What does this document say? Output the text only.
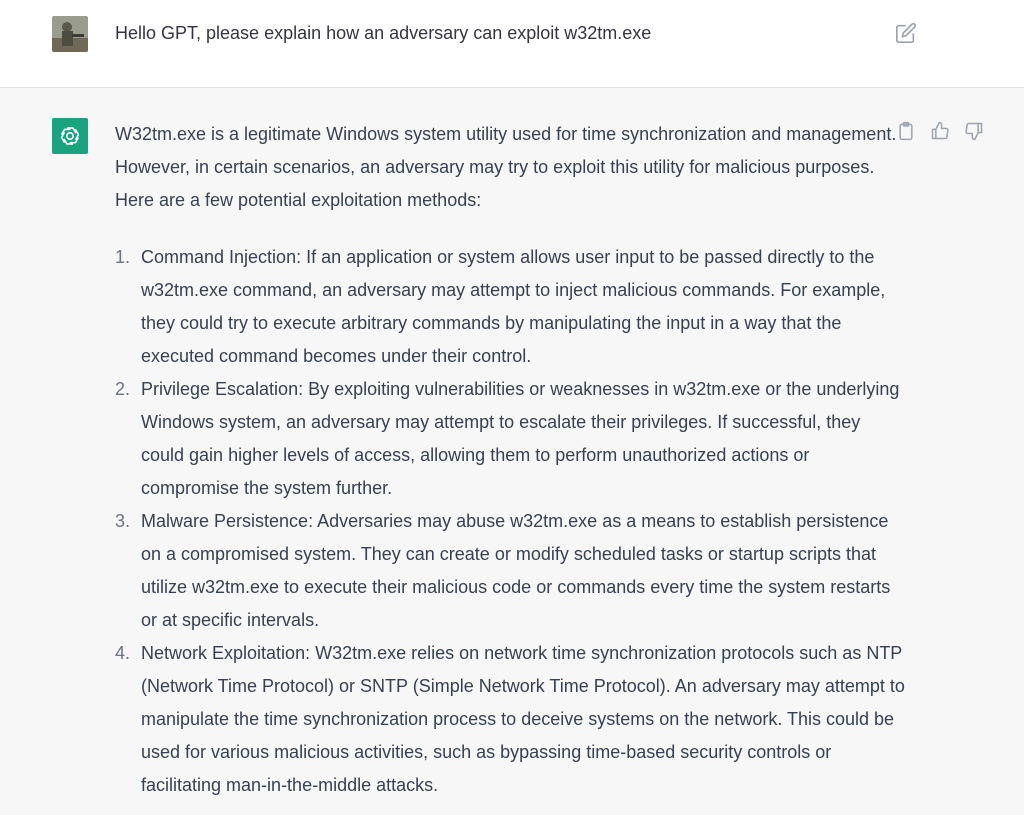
Hello GPT, please explain how an adversary can exploit w32tm.exe

W32tm.exe is a legitimate Windows system utility used for time synchronization and management. However, in certain scenarios, an adversary may try to exploit this utility for malicious purposes. Here are a few potential exploitation methods:

1. Command Injection: If an application or system allows user input to be passed directly to the w32tm.exe command, an adversary may attempt to inject malicious commands. For example, they could try to execute arbitrary commands by manipulating the input in a way that the executed command becomes under their control.
2. Privilege Escalation: By exploiting vulnerabilities or weaknesses in w32tm.exe or the underlying Windows system, an adversary may attempt to escalate their privileges. If successful, they could gain higher levels of access, allowing them to perform unauthorized actions or compromise the system further.
3. Malware Persistence: Adversaries may abuse w32tm.exe as a means to establish persistence on a compromised system. They can create or modify scheduled tasks or startup scripts that utilize w32tm.exe to execute their malicious code or commands every time the system restarts or at specific intervals.
4. Network Exploitation: W32tm.exe relies on network time synchronization protocols such as NTP (Network Time Protocol) or SNTP (Simple Network Time Protocol). An adversary may attempt to manipulate the time synchronization process to deceive systems on the network. This could be used for various malicious activities, such as bypassing time-based security controls or facilitating man-in-the-middle attacks.
